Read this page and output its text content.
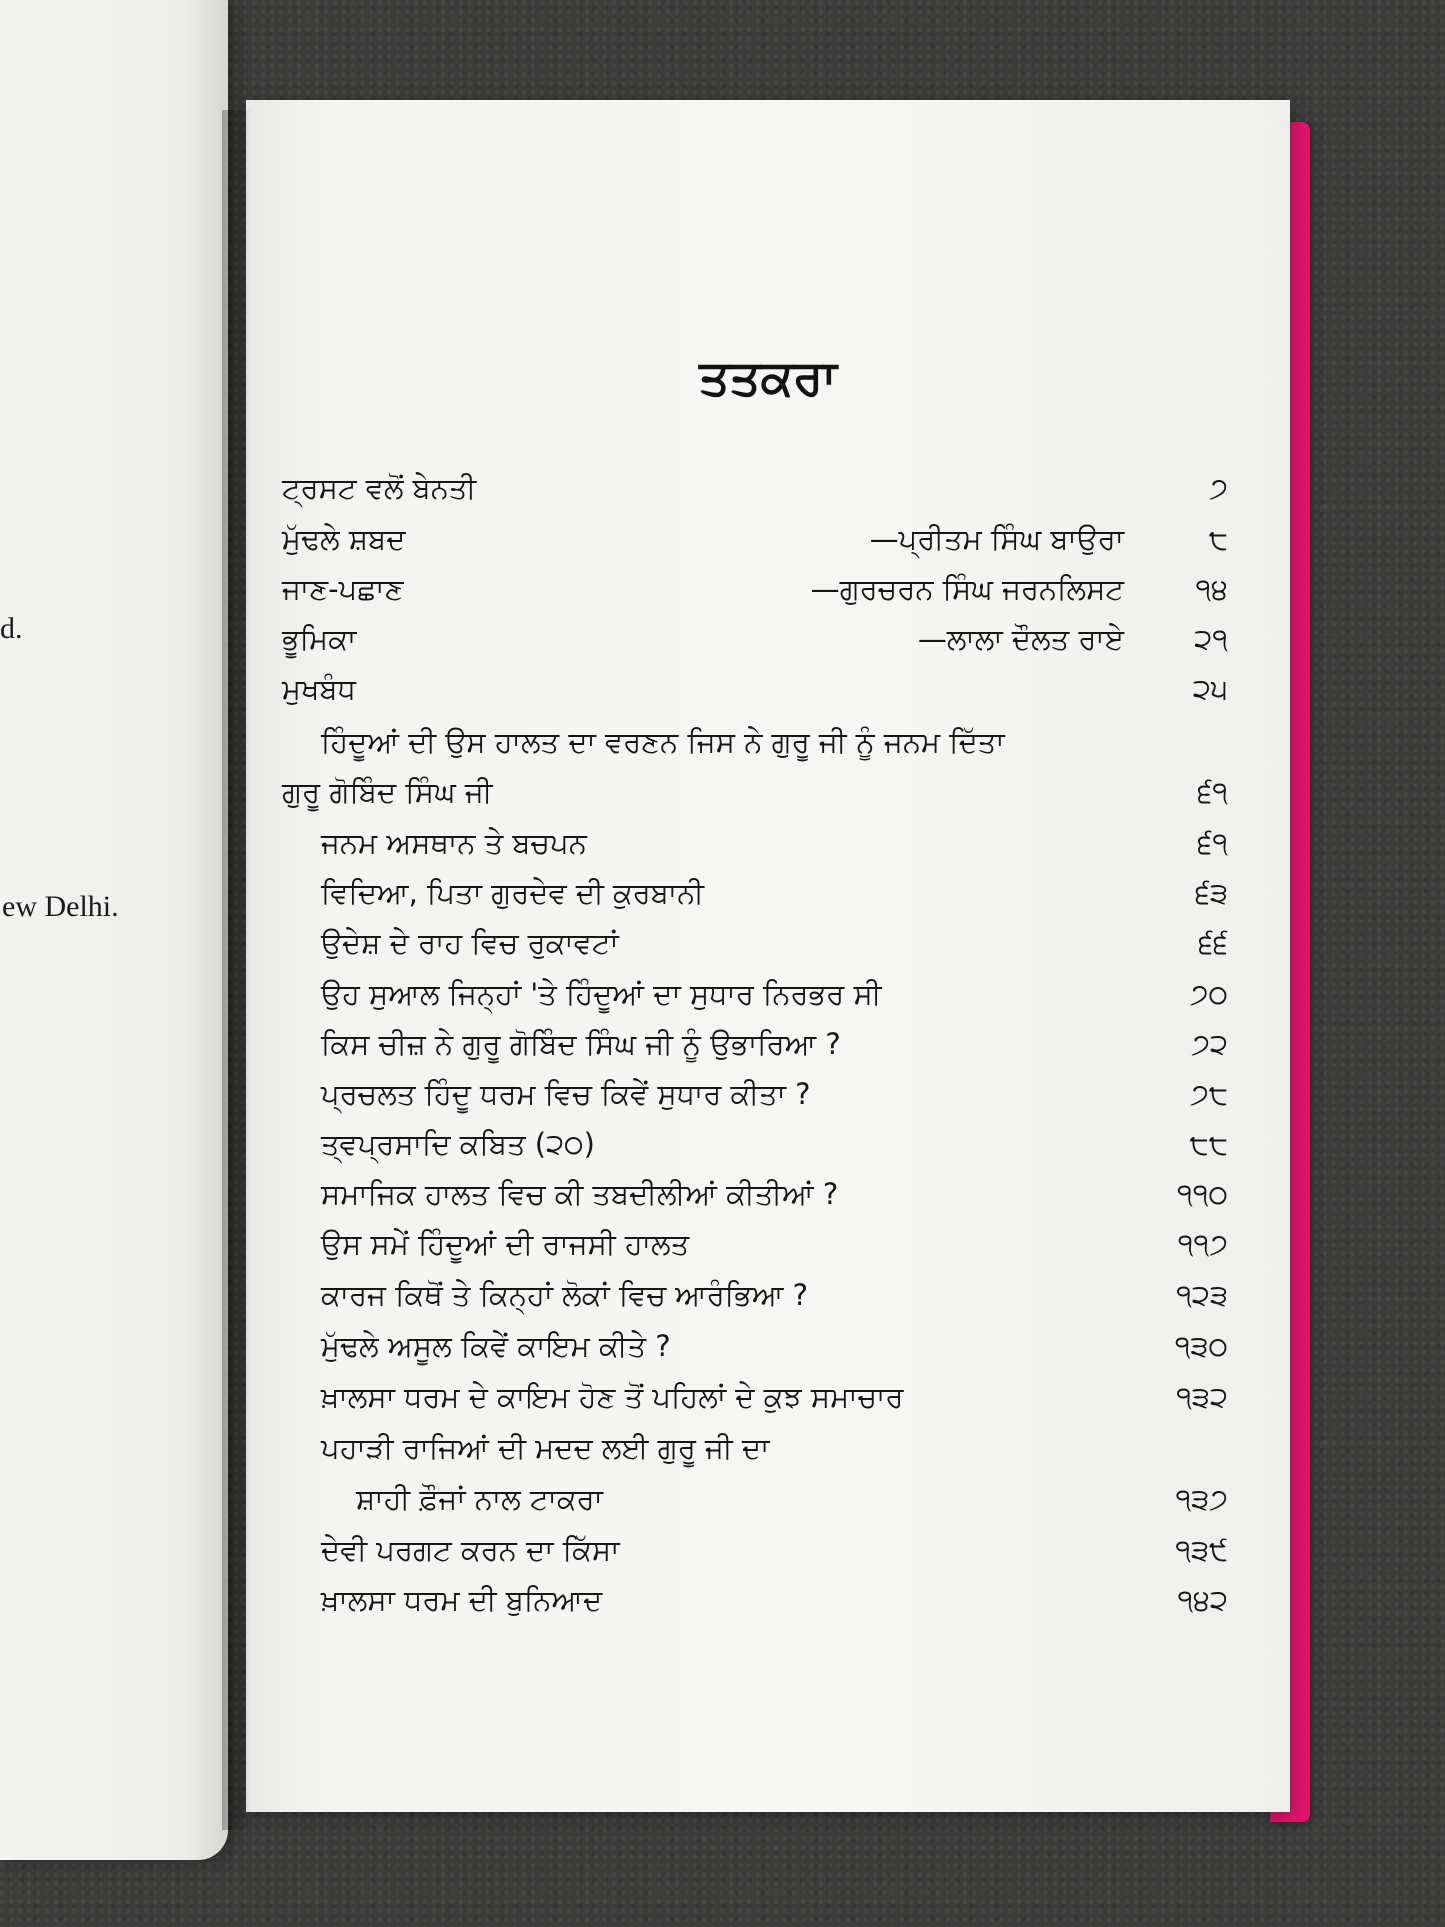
d.
ew Delhi.
ਤਤਕਰਾ
ਟ੍ਰਸਟ ਵਲੋਂ ਬੇਨਤੀ	੭
ਮੁੱਢਲੇ ਸ਼ਬਦ	—ਪ੍ਰੀਤਮ ਸਿੰਘ ਬਾਉਰਾ	੮
ਜਾਣ-ਪਛਾਣ	—ਗੁਰਚਰਨ ਸਿੰਘ ਜਰਨਲਿਸਟ ੧੪
ਭੂਮਿਕਾ	—ਲਾਲਾ ਦੌਲਤ ਰਾਏ ੨੧
ਮੁਖਬੰਧ	੨੫
ਹਿੰਦੂਆਂ ਦੀ ਉਸ ਹਾਲਤ ਦਾ ਵਰਣਨ ਜਿਸ ਨੇ ਗੁਰੂ ਜੀ ਨੂੰ ਜਨਮ ਦਿੱਤਾ
ਗੁਰੂ ਗੋਬਿੰਦ ਸਿੰਘ ਜੀ	੬੧
ਜਨਮ ਅਸਥਾਨ ਤੇ ਬਚਪਨ	੬੧
ਵਿਦਿਆ, ਪਿਤਾ ਗੁਰਦੇਵ ਦੀ ਕੁਰਬਾਨੀ	੬੩
ਉਦੇਸ਼ ਦੇ ਰਾਹ ਵਿਚ ਰੁਕਾਵਟਾਂ	੬੬
ਉਹ ਸੁਆਲ ਜਿਨ੍ਹਾਂ 'ਤੇ ਹਿੰਦੂਆਂ ਦਾ ਸੁਧਾਰ ਨਿਰਭਰ ਸੀ	੭੦
ਕਿਸ ਚੀਜ਼ ਨੇ ਗੁਰੂ ਗੋਬਿੰਦ ਸਿੰਘ ਜੀ ਨੂੰ ਉਭਾਰਿਆ ?	੭੨
ਪ੍ਰਚਲਤ ਹਿੰਦੂ ਧਰਮ ਵਿਚ ਕਿਵੇਂ ਸੁਧਾਰ ਕੀਤਾ ?	੭੮
ਤ੍ਵਪ੍ਰਸਾਦਿ ਕਬਿਤ (੨੦)	੮੮
ਸਮਾਜਿਕ ਹਾਲਤ ਵਿਚ ਕੀ ਤਬਦੀਲੀਆਂ ਕੀਤੀਆਂ ?	੧੧੦
ਉਸ ਸਮੇਂ ਹਿੰਦੂਆਂ ਦੀ ਰਾਜਸੀ ਹਾਲਤ	੧੧੭
ਕਾਰਜ ਕਿਥੋਂ ਤੇ ਕਿਨ੍ਹਾਂ ਲੋਕਾਂ ਵਿਚ ਆਰੰਭਿਆ ?	੧੨੩
ਮੁੱਢਲੇ ਅਸੂਲ ਕਿਵੇਂ ਕਾਇਮ ਕੀਤੇ ?	੧੩੦
ਖ਼ਾਲਸਾ ਧਰਮ ਦੇ ਕਾਇਮ ਹੋਣ ਤੋਂ ਪਹਿਲਾਂ ਦੇ ਕੁਝ ਸਮਾਚਾਰ	੧੩੨
ਪਹਾੜੀ ਰਾਜਿਆਂ ਦੀ ਮਦਦ ਲਈ ਗੁਰੂ ਜੀ ਦਾ
ਸ਼ਾਹੀ ਫ਼ੌਜਾਂ ਨਾਲ ਟਾਕਰਾ	੧੩੭
ਦੇਵੀ ਪਰਗਟ ਕਰਨ ਦਾ ਕਿੱਸਾ	੧੩੯
ਖ਼ਾਲਸਾ ਧਰਮ ਦੀ ਬੁਨਿਆਦ	੧੪੨
